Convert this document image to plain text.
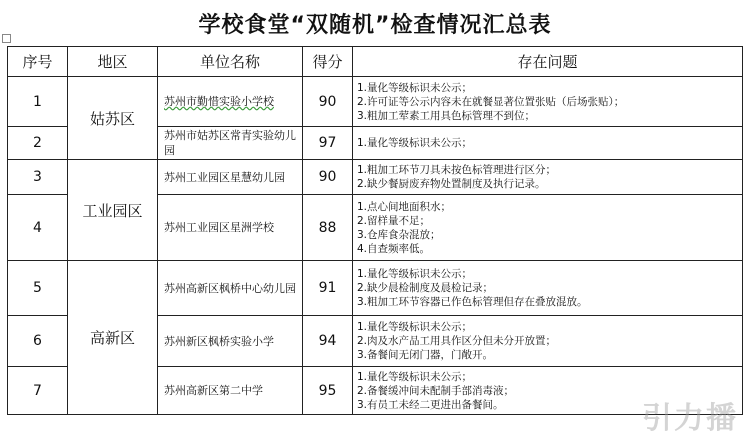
学校食堂“双随机”检查情况汇总表
序号	地区	单位名称	得分	存在问题
1	姑苏区	苏州市勤惜实验小学校	90	1.量化等级标识未公示；
2.许可证等公示内容未在就餐显著位置张贴（后场张贴）；
3.粗加工荤素工用具色标管理不到位；

2		苏州市姑苏区常青实验幼儿园	97	1.量化等级标识未公示；

3	工业园区	苏州工业园区星慧幼儿园	90	1.粗加工环节刀具未按色标管理进行区分；
2.缺少餐厨废弃物处置制度及执行记录。

4		苏州工业园区星洲学校	88	1.点心间地面积水；
2.留样量不足；
3.仓库食杂混放；
4.自查频率低。

5	高新区	苏州高新区枫桥中心幼儿园	91	1.量化等级标识未公示；
2.缺少晨检制度及晨检记录；
3.粗加工环节容器已作色标管理但存在叠放混放。

6		苏州新区枫桥实验小学	94	1.量化等级标识未公示；
2.肉及水产品工用具作区分但未分开放置；
3.备餐间无闭门器，门敞开。

7		苏州高新区第二中学	95	1.量化等级标识未公示；
2.备餐缓冲间未配制手部消毒液；
3.有员工未经二更进出备餐间。	引力播
